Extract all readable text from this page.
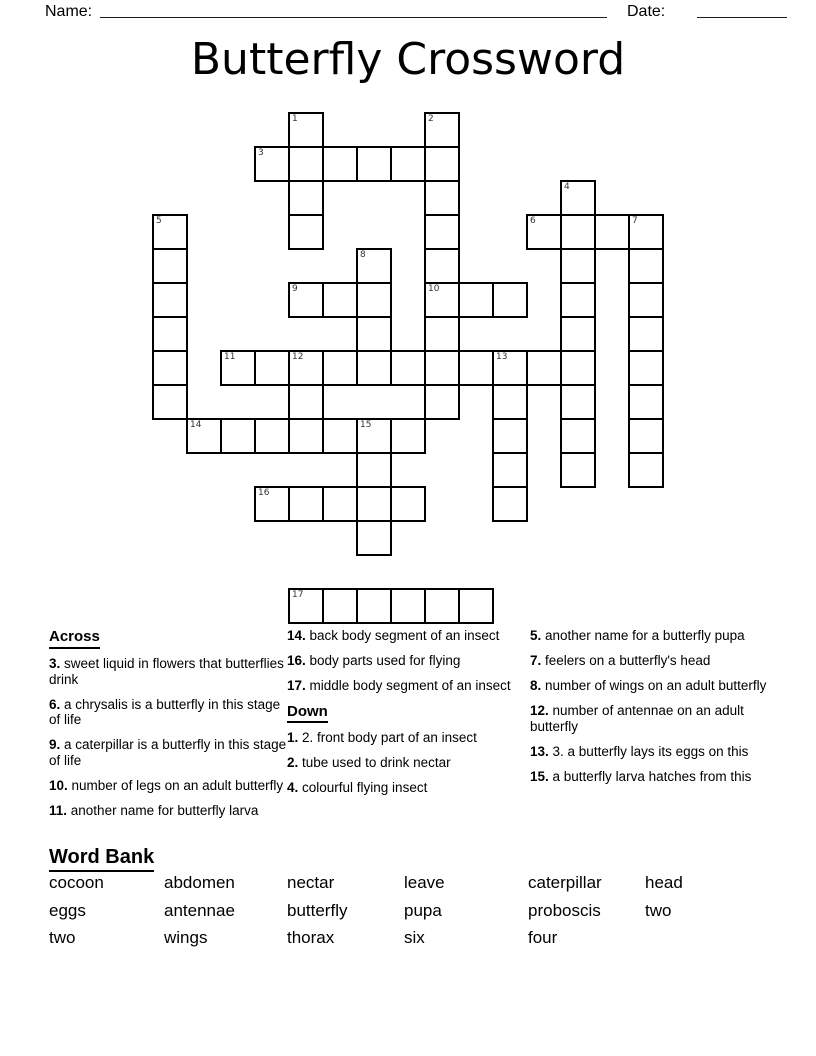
Name:	Date:
Butterfly Crossword
1	2
3
4
5	6	7
8
9	10
11	12	13
14	15
16
17
Across

3. sweet liquid in flowers that butterflies drink

6. a chrysalis is a butterfly in this stage of life

9. a caterpillar is a butterfly in this stage of life

10. number of legs on an adult butterfly

11. another name for butterfly larva

14. back body segment of an insect

16. body parts used for flying

17. middle body segment of an insect

Down

1. 2. front body part of an insect

2. tube used to drink nectar

4. colourful flying insect

5. another name for a butterfly pupa

7. feelers on a butterfly's head

8. number of wings on an adult butterfly

12. number of antennae on an adult butterfly

13. 3. a butterfly lays its eggs on this

15. a butterfly larva hatches from this

Word Bank
cocoon	abdomen	nectar	leave	caterpillar	head
eggs	antennae	butterfly	pupa	proboscis	two
two	wings	thorax	six	four
